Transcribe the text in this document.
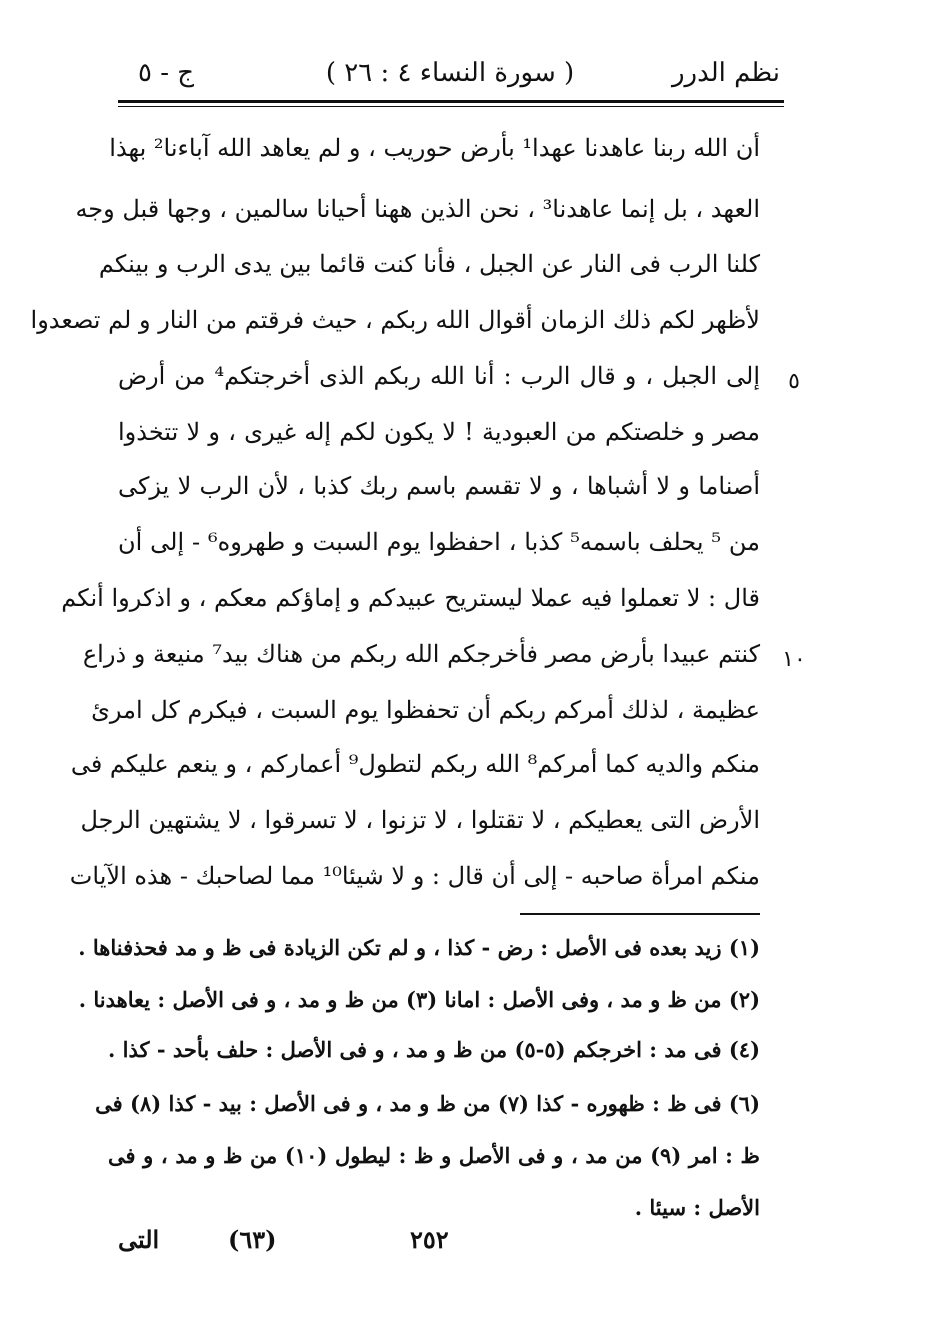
نظم الدرر
( سورة النساء ٤ : ٢٦ )
ج - ٥
أن الله ربنا عاهدنا عهدا¹ بأرض حوريب ، و لم يعاهد الله آباءنا² بهذا
العهد ، بل إنما عاهدنا³ ، نحن الذين ههنا أحيانا سالمين ، وجها قبل وجه
كلنا الرب فى النار عن الجبل ، فأنا كنت قائما بين يدى الرب و بينكم
لأظهر لكم ذلك الزمان أقوال الله ربكم ، حيث فرقتم من النار و لم تصعدوا
إلى الجبل ، و قال الرب : أنا الله ربكم الذى أخرجتكم⁴ من أرض
مصر و خلصتكم من العبودية ! لا يكون لكم إله غيرى ، و لا تتخذوا
أصناما و لا أشباها ، و لا تقسم باسم ربك كذبا ، لأن الرب لا يزكى
من ⁵ يحلف باسمه⁵ كذبا ، احفظوا يوم السبت و طهروه⁶ - إلى أن
قال : لا تعملوا فيه عملا ليستريح عبيدكم و إماؤكم معكم ، و اذكروا أنكم
كنتم عبيدا بأرض مصر فأخرجكم الله ربكم من هناك بيد⁷ منيعة و ذراع
عظيمة ، لذلك أمركم ربكم أن تحفظوا يوم السبت ، فيكرم كل امرئ
منكم والديه كما أمركم⁸ الله ربكم لتطول⁹ أعماركم ، و ينعم عليكم فى
الأرض التى يعطيكم ، لا تقتلوا ، لا تزنوا ، لا تسرقوا ، لا يشتهين الرجل
منكم امرأة صاحبه - إلى أن قال : و لا شيئا¹⁰ مما لصاحبك - هذه الآيات
٥
١٠
(١) زيد بعده فى الأصل : رض - كذا ، و لم تكن الزيادة فى ظ و مد فحذفناها .
(٢) من ظ و مد ، وفى الأصل : امانا (٣) من ظ و مد ، و فى الأصل : يعاهدنا .
(٤) فى مد : اخرجكم (٥-٥) من ظ و مد ، و فى الأصل : حلف بأحد - كذا .
(٦) فى ظ : ظهوره - كذا (٧) من ظ و مد ، و فى الأصل : بيد - كذا (٨) فى
ظ : امر (٩) من مد ، و فى الأصل و ظ : ليطول (١٠) من ظ و مد ، و فى
الأصل : سيئا .
٢٥٢
(٦٣)
التى
